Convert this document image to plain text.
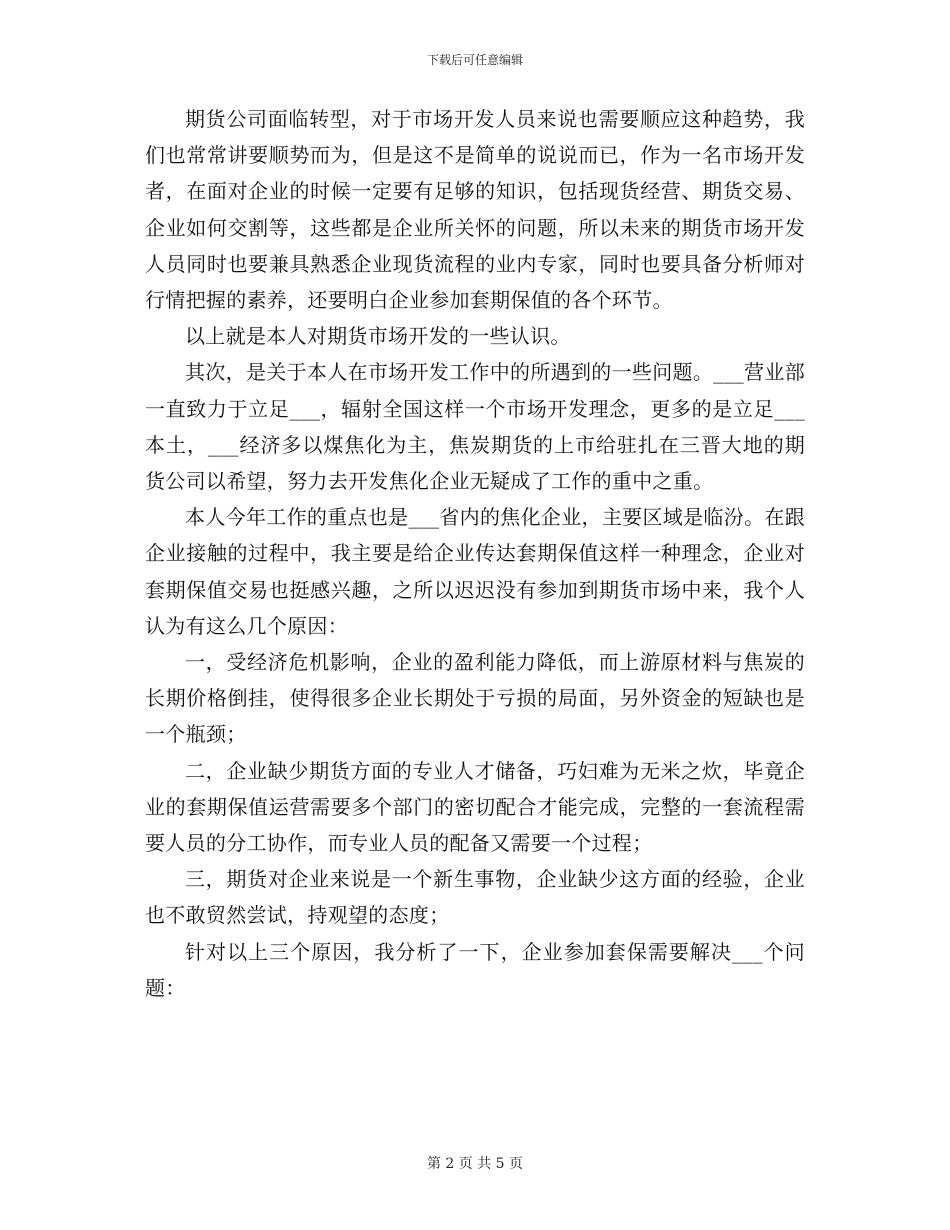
下载后可任意编辑

期货公司面临转型，对于市场开发人员来说也需要顺应这种趋势，我们也常常讲要顺势而为，但是这不是简单的说说而已，作为一名市场开发者，在面对企业的时候一定要有足够的知识，包括现货经营、期货交易、企业如何交割等，这些都是企业所关怀的问题，所以未来的期货市场开发人员同时也要兼具熟悉企业现货流程的业内专家，同时也要具备分析师对行情把握的素养，还要明白企业参加套期保值的各个环节。

以上就是本人对期货市场开发的一些认识。

其次，是关于本人在市场开发工作中的所遇到的一些问题。___营业部一直致力于立足___，辐射全国这样一个市场开发理念，更多的是立足___本土，___经济多以煤焦化为主，焦炭期货的上市给驻扎在三晋大地的期货公司以希望，努力去开发焦化企业无疑成了工作的重中之重。

本人今年工作的重点也是___省内的焦化企业，主要区域是临汾。在跟企业接触的过程中，我主要是给企业传达套期保值这样一种理念，企业对套期保值交易也挺感兴趣，之所以迟迟没有参加到期货市场中来，我个人认为有这么几个原因：

一，受经济危机影响，企业的盈利能力降低，而上游原材料与焦炭的长期价格倒挂，使得很多企业长期处于亏损的局面，另外资金的短缺也是一个瓶颈；

二，企业缺少期货方面的专业人才储备，巧妇难为无米之炊，毕竟企业的套期保值运营需要多个部门的密切配合才能完成，完整的一套流程需要人员的分工协作，而专业人员的配备又需要一个过程；

三，期货对企业来说是一个新生事物，企业缺少这方面的经验，企业也不敢贸然尝试，持观望的态度；

针对以上三个原因，我分析了一下，企业参加套保需要解决___个问题：

第 2 页 共 5 页
